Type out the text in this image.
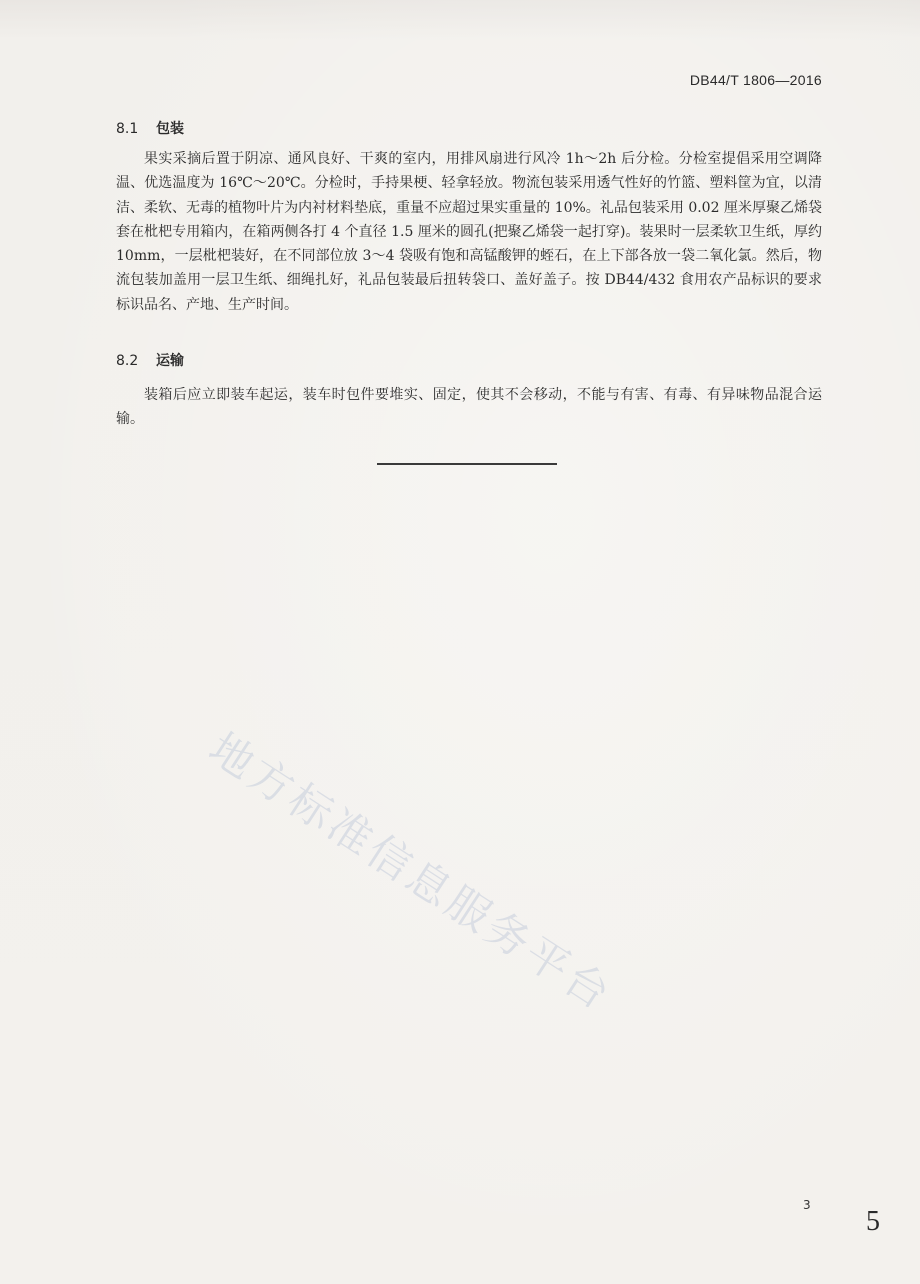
DB44/T 1806—2016
8.1 包装

果实采摘后置于阴凉、通风良好、干爽的室内，用排风扇进行风冷 1h～2h 后分检。分检室提倡采用空调降温、优选温度为 16℃～20℃。分检时，手持果梗、轻拿轻放。物流包装采用透气性好的竹篮、塑料筐为宜，以清洁、柔软、无毒的植物叶片为内衬材料垫底，重量不应超过果实重量的 10%。礼品包装采用 0.02 厘米厚聚乙烯袋套在枇杷专用箱内，在箱两侧各打 4 个直径 1.5 厘米的圆孔(把聚乙烯袋一起打穿)。装果时一层柔软卫生纸，厚约 10mm，一层枇杷装好，在不同部位放 3～4 袋吸有饱和高锰酸钾的蛭石，在上下部各放一袋二氧化氯。然后，物流包装加盖用一层卫生纸、细绳扎好，礼品包装最后扭转袋口、盖好盖子。按 DB44/432 食用农产品标识的要求标识品名、产地、生产时间。

8.2 运输

装箱后应立即装车起运，装车时包件要堆实、固定，使其不会移动，不能与有害、有毒、有异味物品混合运输。

地方标准信息服务平台
3
5
